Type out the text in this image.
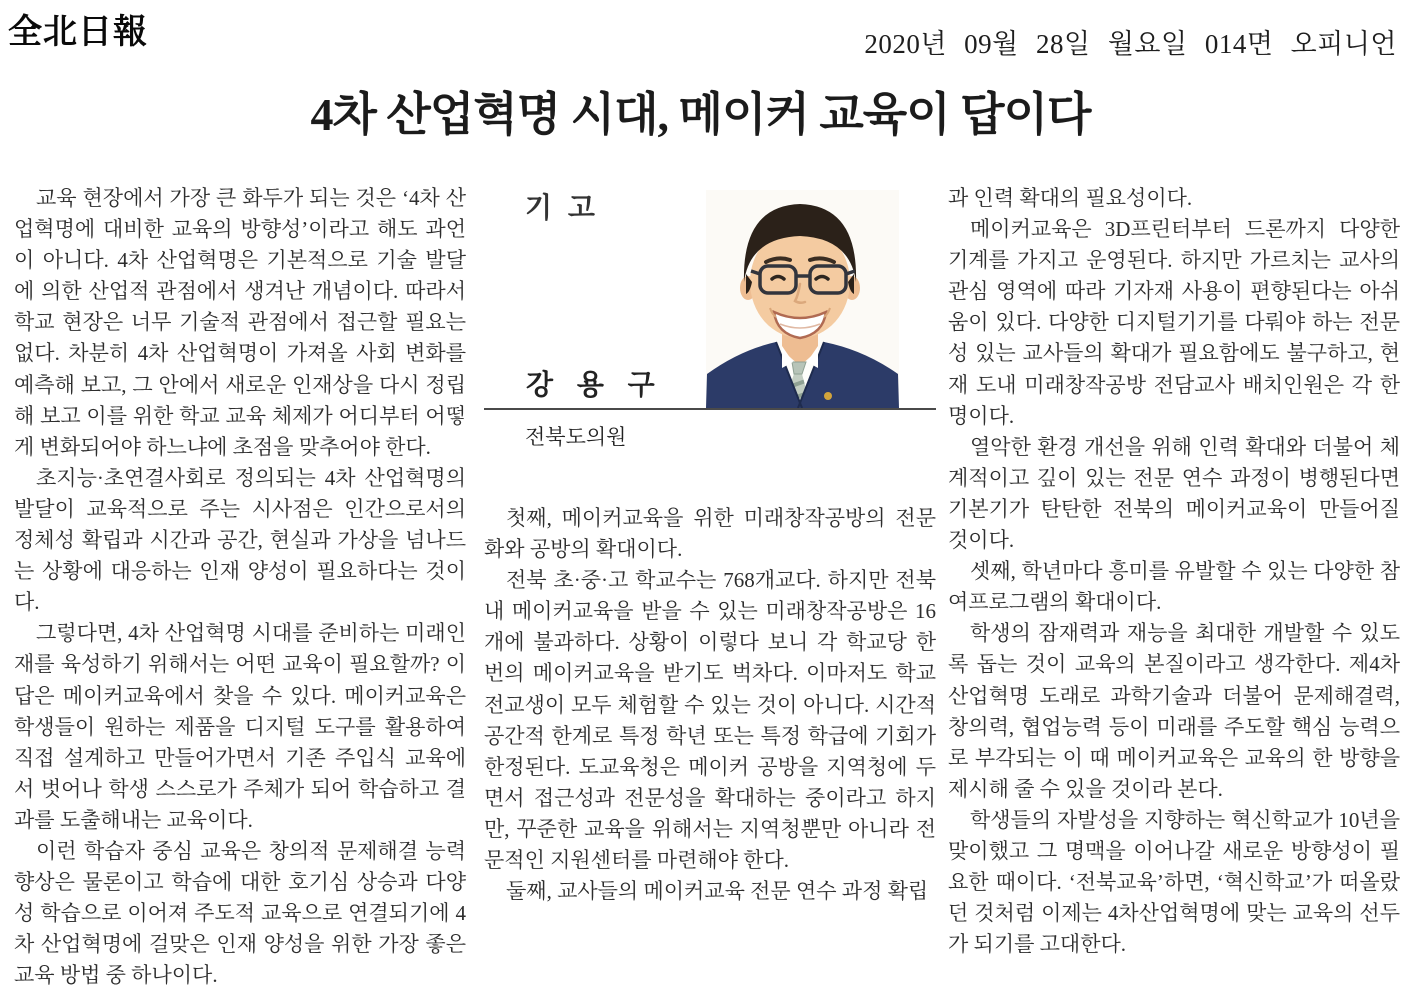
全北日報	2020년 09월 28일 월요일 014면 오피니언
4차 산업혁명 시대, 메이커 교육이 답이다

교육 현장에서 가장 큰 화두가 되는 것은 ‘4차 산업혁명에 대비한 교육의 방향성’이라고 해도 과언이 아니다. 4차 산업혁명은 기본적으로 기술 발달에 의한 산업적 관점에서 생겨난 개념이다. 따라서 학교 현장은 너무 기술적 관점에서 접근할 필요는 없다. 차분히 4차 산업혁명이 가져올 사회 변화를 예측해 보고, 그 안에서 새로운 인재상을 다시 정립해 보고 이를 위한 학교 교육 체제가 어디부터 어떻게 변화되어야 하느냐에 초점을 맞추어야 한다.

초지능·초연결사회로 정의되는 4차 산업혁명의 발달이 교육적으로 주는 시사점은 인간으로서의 정체성 확립과 시간과 공간, 현실과 가상을 넘나드는 상황에 대응하는 인재 양성이 필요하다는 것이다.

그렇다면, 4차 산업혁명 시대를 준비하는 미래인재를 육성하기 위해서는 어떤 교육이 필요할까? 이 답은 메이커교육에서 찾을 수 있다. 메이커교육은 학생들이 원하는 제품을 디지털 도구를 활용하여 직접 설계하고 만들어가면서 기존 주입식 교육에서 벗어나 학생 스스로가 주체가 되어 학습하고 결과를 도출해내는 교육이다.

이런 학습자 중심 교육은 창의적 문제해결 능력 향상은 물론이고 학습에 대한 호기심 상승과 다양성 학습으로 이어져 주도적 교육으로 연결되기에 4차 산업혁명에 걸맞은 인재 양성을 위한 가장 좋은 교육 방법 중 하나이다.

기 고
강 용 구
전북도의원

첫째, 메이커교육을 위한 미래창작공방의 전문화와 공방의 확대이다.

전북 초·중·고 학교수는 768개교다. 하지만 전북 내 메이커교육을 받을 수 있는 미래창작공방은 16개에 불과하다. 상황이 이렇다 보니 각 학교당 한 번의 메이커교육을 받기도 벅차다. 이마저도 학교 전교생이 모두 체험할 수 있는 것이 아니다. 시간적 공간적 한계로 특정 학년 또는 특정 학급에 기회가 한정된다. 도교육청은 메이커 공방을 지역청에 두면서 접근성과 전문성을 확대하는 중이라고 하지만, 꾸준한 교육을 위해서는 지역청뿐만 아니라 전문적인 지원센터를 마련해야 한다.

둘째, 교사들의 메이커교육 전문 연수 과정 확립

과 인력 확대의 필요성이다.

메이커교육은 3D프린터부터 드론까지 다양한 기계를 가지고 운영된다. 하지만 가르치는 교사의 관심 영역에 따라 기자재 사용이 편향된다는 아쉬움이 있다. 다양한 디지털기기를 다뤄야 하는 전문성 있는 교사들의 확대가 필요함에도 불구하고, 현재 도내 미래창작공방 전담교사 배치인원은 각 한 명이다.

열악한 환경 개선을 위해 인력 확대와 더불어 체계적이고 깊이 있는 전문 연수 과정이 병행된다면 기본기가 탄탄한 전북의 메이커교육이 만들어질 것이다.

셋째, 학년마다 흥미를 유발할 수 있는 다양한 참여프로그램의 확대이다.

학생의 잠재력과 재능을 최대한 개발할 수 있도록 돕는 것이 교육의 본질이라고 생각한다. 제4차 산업혁명 도래로 과학기술과 더불어 문제해결력, 창의력, 협업능력 등이 미래를 주도할 핵심 능력으로 부각되는 이 때 메이커교육은 교육의 한 방향을 제시해 줄 수 있을 것이라 본다.

학생들의 자발성을 지향하는 혁신학교가 10년을 맞이했고 그 명맥을 이어나갈 새로운 방향성이 필요한 때이다. ‘전북교육’하면, ‘혁신학교’가 떠올랐던 것처럼 이제는 4차산업혁명에 맞는 교육의 선두가 되기를 고대한다.
